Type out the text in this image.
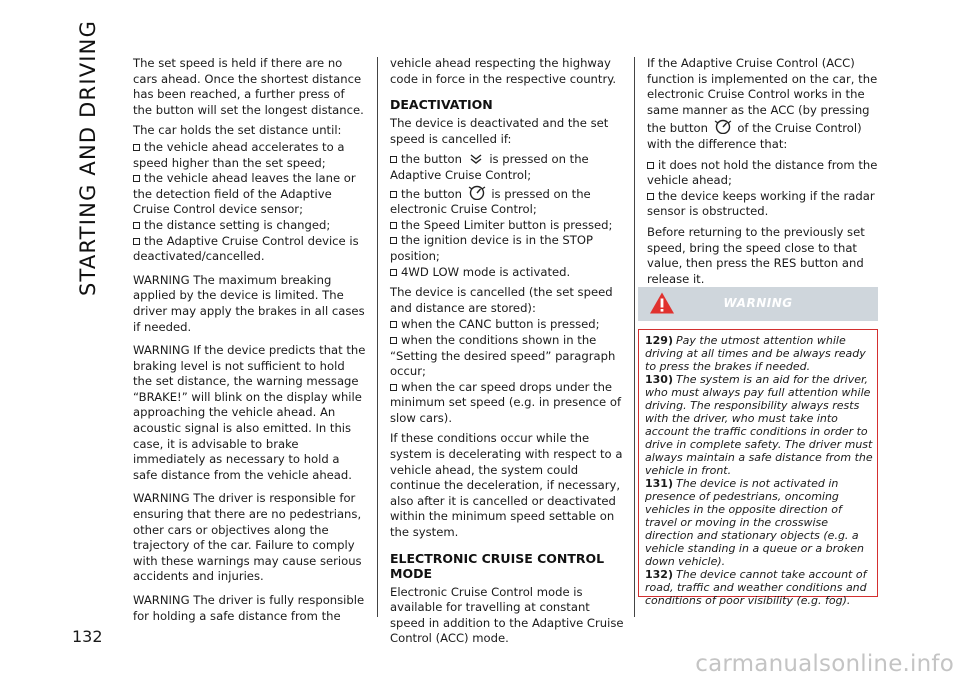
STARTING AND DRIVING
132

The set speed is held if there are no cars ahead. Once the shortest distance has been reached, a further press of the button will set the longest distance.

The car holds the set distance until:

the vehicle ahead accelerates to a speed higher than the set speed;
the vehicle ahead leaves the lane or the detection field of the Adaptive Cruise Control device sensor;
the distance setting is changed;
the Adaptive Cruise Control device is deactivated/cancelled.

WARNING The maximum breaking applied by the device is limited. The driver may apply the brakes in all cases if needed.

WARNING If the device predicts that the braking level is not sufficient to hold the set distance, the warning message “BRAKE!” will blink on the display while approaching the vehicle ahead. An acoustic signal is also emitted. In this case, it is advisable to brake immediately as necessary to hold a safe distance from the vehicle ahead.

WARNING The driver is responsible for ensuring that there are no pedestrians, other cars or objectives along the trajectory of the car. Failure to comply with these warnings may cause serious accidents and injuries.

WARNING The driver is fully responsible for holding a safe distance from the

vehicle ahead respecting the highway code in force in the respective country.

DEACTIVATION

The device is deactivated and the set speed is cancelled if:

the button is pressed on the Adaptive Cruise Control;
the button	is pressed on the electronic Cruise Control;
the Speed Limiter button is pressed;
the ignition device is in the STOP position;
4WD LOW mode is activated.

The device is cancelled (the set speed and distance are stored):

when the CANC button is pressed;
when the conditions shown in the “Setting the desired speed” paragraph occur;
when the car speed drops under the minimum set speed (e.g. in presence of slow cars).

If these conditions occur while the system is decelerating with respect to a vehicle ahead, the system could continue the deceleration, if necessary, also after it is cancelled or deactivated within the minimum speed settable on the system.

ELECTRONIC CRUISE CONTROL MODE

Electronic Cruise Control mode is available for travelling at constant speed in addition to the Adaptive Cruise Control (ACC) mode.

If the Adaptive Cruise Control (ACC) function is implemented on the car, the electronic Cruise Control works in the same manner as the ACC (by pressing the button	of the Cruise Control) with the difference that:

it does not hold the distance from the vehicle ahead;
the device keeps working if the radar sensor is obstructed.

Before returning to the previously set speed, bring the speed close to that value, then press the RES button and release it.

WARNING

129) Pay the utmost attention while driving at all times and be always ready to press the brakes if needed.

130) The system is an aid for the driver, who must always pay full attention while driving. The responsibility always rests with the driver, who must take into account the traffic conditions in order to drive in complete safety. The driver must always maintain a safe distance from the vehicle in front.

131) The device is not activated in presence of pedestrians, oncoming vehicles in the opposite direction of travel or moving in the crosswise direction and stationary objects (e.g. a vehicle standing in a queue or a broken down vehicle).

132) The device cannot take account of road, traffic and weather conditions and conditions of poor visibility (e.g. fog).

carmanualsonline.info
